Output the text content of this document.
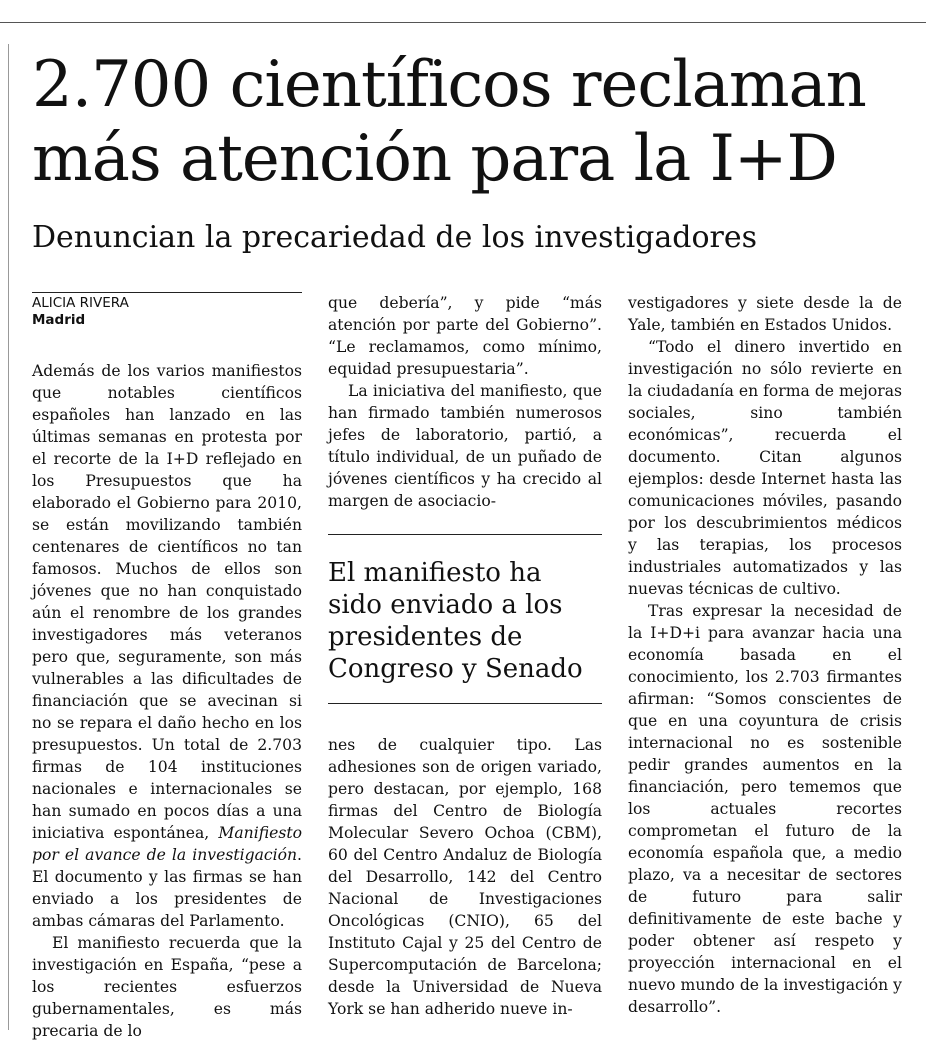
2.700 científicos reclaman
más atención para la I+D
Denuncian la precariedad de los investigadores
ALICIA RIVERA
Madrid

Además de los varios manifiestos que notables científicos españoles han lanzado en las últimas semanas en protesta por el recorte de la I+D reflejado en los Presupuestos que ha elaborado el Gobierno para 2010, se están movilizando también centenares de científicos no tan famosos. Muchos de ellos son jóvenes que no han conquistado aún el renombre de los grandes investigadores más veteranos pero que, seguramente, son más vulnerables a las dificultades de financiación que se avecinan si no se repara el daño hecho en los presupuestos. Un total de 2.703 firmas de 104 instituciones nacionales e internacionales se han sumado en pocos días a una iniciativa espontánea, Manifiesto por el avance de la investigación. El documento y las firmas se han enviado a los presidentes de ambas cámaras del Parlamento.

El manifiesto recuerda que la investigación en España, “pese a los recientes esfuerzos gubernamentales, es más precaria de lo

que debería”, y pide “más atención por parte del Gobierno”. “Le reclamamos, como mínimo, equidad presupuestaria”.

La iniciativa del manifiesto, que han firmado también numerosos jefes de laboratorio, partió, a título individual, de un puñado de jóvenes científicos y ha crecido al margen de asociacio-

El manifiesto ha sido enviado a los presidentes de Congreso y Senado

nes de cualquier tipo. Las adhesiones son de origen variado, pero destacan, por ejemplo, 168 firmas del Centro de Biología Molecular Severo Ochoa (CBM), 60 del Centro Andaluz de Biología del Desarrollo, 142 del Centro Nacional de Investigaciones Oncológicas (CNIO), 65 del Instituto Cajal y 25 del Centro de Supercomputación de Barcelona; desde la Universidad de Nueva York se han adherido nueve in-

vestigadores y siete desde la de Yale, también en Estados Unidos.

“Todo el dinero invertido en investigación no sólo revierte en la ciudadanía en forma de mejoras sociales, sino también económicas”, recuerda el documento. Citan algunos ejemplos: desde Internet hasta las comunicaciones móviles, pasando por los descubrimientos médicos y las terapias, los procesos industriales automatizados y las nuevas técnicas de cultivo.

Tras expresar la necesidad de la I+D+i para avanzar hacia una economía basada en el conocimiento, los 2.703 firmantes afirman: “Somos conscientes de que en una coyuntura de crisis internacional no es sostenible pedir grandes aumentos en la financiación, pero tememos que los actuales recortes comprometan el futuro de la economía española que, a medio plazo, va a necesitar de sectores de futuro para salir definitivamente de este bache y poder obtener así respeto y proyección internacional en el nuevo mundo de la investigación y desarrollo”.
